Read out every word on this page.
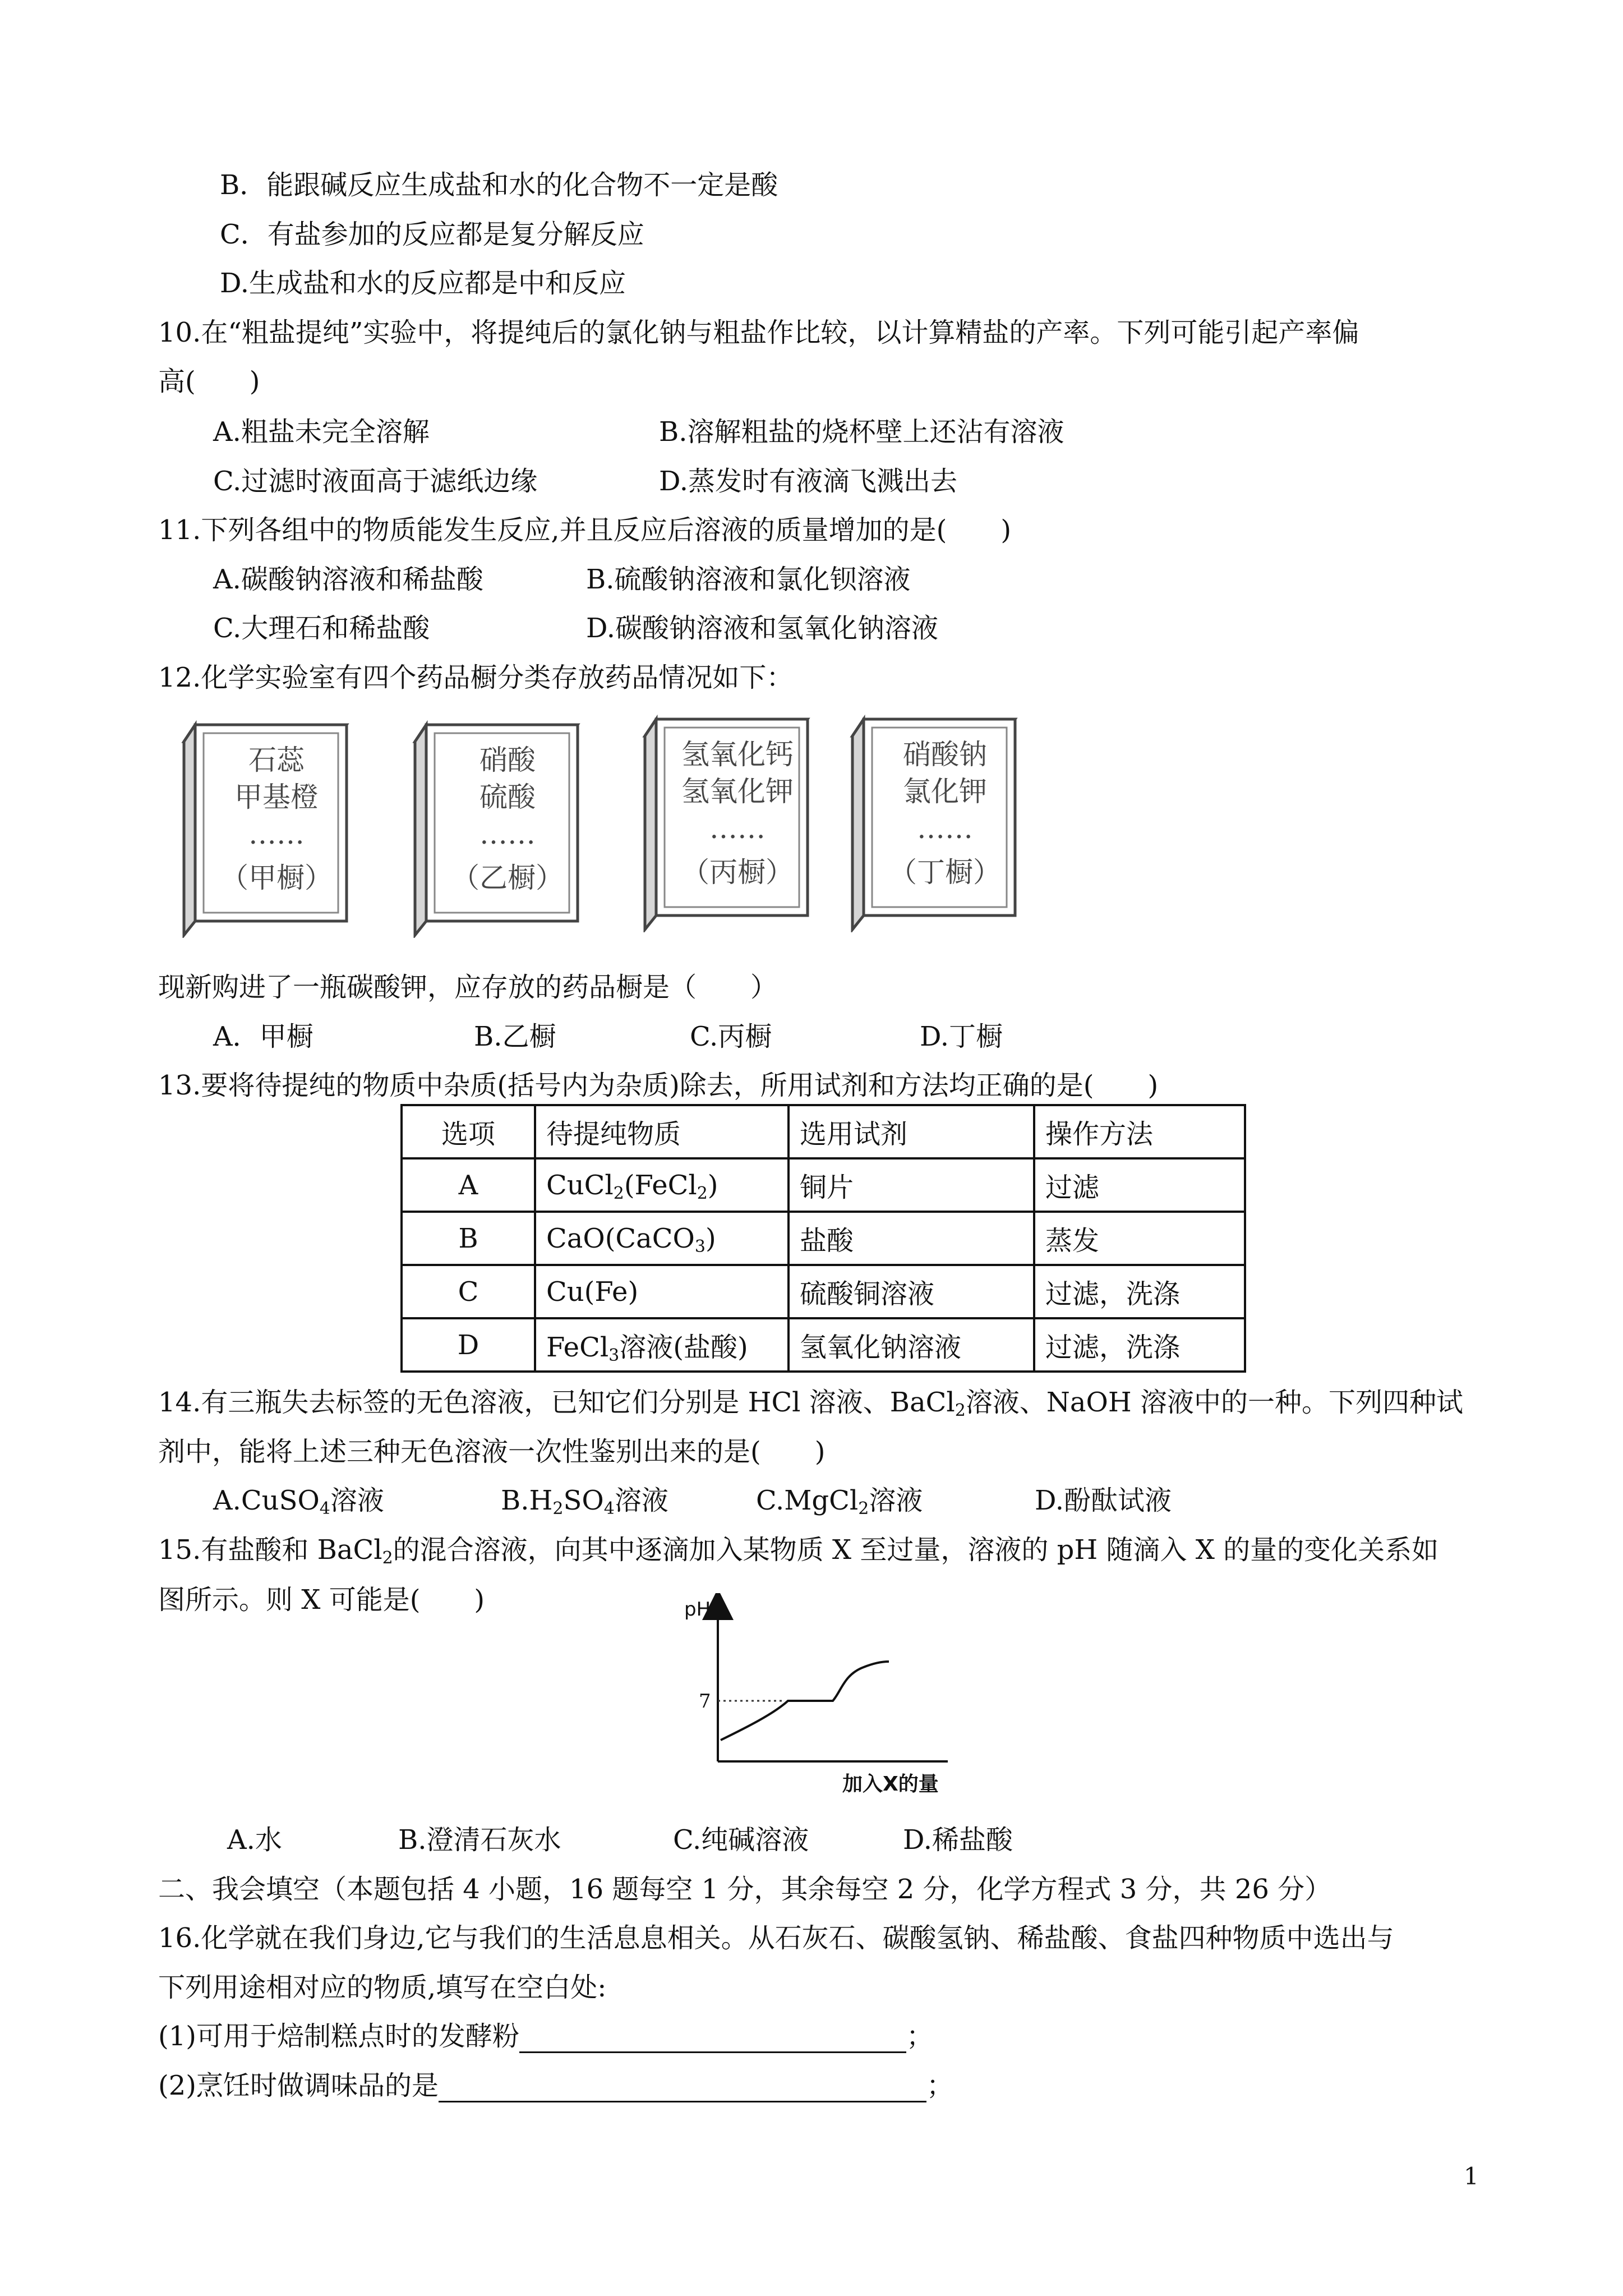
B．能跟碱反应生成盐和水的化合物不一定是酸
C．有盐参加的反应都是复分解反应
D.生成盐和水的反应都是中和反应
10.在“粗盐提纯”实验中，将提纯后的氯化钠与粗盐作比较，以计算精盐的产率。下列可能引起产率偏
高(　　)
A.粗盐未完全溶解	B.溶解粗盐的烧杯壁上还沾有溶液
C.过滤时液面高于滤纸边缘	D.蒸发时有液滴飞溅出去
11.下列各组中的物质能发生反应,并且反应后溶液的质量增加的是(　　)
A.碳酸钠溶液和稀盐酸	B.硫酸钠溶液和氯化钡溶液
C.大理石和稀盐酸	D.碳酸钠溶液和氢氧化钠溶液
12.化学实验室有四个药品橱分类存放药品情况如下：
石蕊
甲基橙
……
（甲橱）
硝酸
硫酸
……
（乙橱）
氢氧化钙
氢氧化钾
……
（丙橱）
硝酸钠
氯化钾
……
（丁橱）
现新购进了一瓶碳酸钾，应存放的药品橱是（　　）
A．甲橱	B.乙橱	C.丙橱	D.丁橱
13.要将待提纯的物质中杂质(括号内为杂质)除去，所用试剂和方法均正确的是(　　)
选项	待提纯物质	选用试剂	操作方法
A	CuCl$_2$(FeCl$_2$)	铜片	过滤
B	CaO(CaCO$_3$)	盐酸	蒸发
C	Cu(Fe)	硫酸铜溶液	过滤，洗涤
D	FeCl$_3$溶液(盐酸)	氢氧化钠溶液	过滤，洗涤
14.有三瓶失去标签的无色溶液，已知它们分别是 HCl 溶液、BaCl$_2$溶液、NaOH 溶液中的一种。下列四种试
剂中，能将上述三种无色溶液一次性鉴别出来的是(　　)
A.CuSO$_4$溶液	$B.H_2SO_4$溶液	C.MgCl$_2$溶液	D.酚酞试液
15.有盐酸和 BaCl$_2$的混合溶液，向其中逐滴加入某物质 X 至过量，溶液的 pH 随滴入 X 的量的变化关系如
图所示。则 X 可能是(　　)	pH
7
加入X的量
A.水	B.澄清石灰水	C.纯碱溶液	D.稀盐酸
二、我会填空（本题包括 4 小题，16 题每空 1 分，其余每空 2 分，化学方程式 3 分，共 26 分）
16.化学就在我们身边,它与我们的生活息息相关。从石灰石、碳酸氢钠、稀盐酸、食盐四种物质中选出与
下列用途相对应的物质,填写在空白处:
(1)可用于焙制糕点时的发酵粉	；
(2)烹饪时做调味品的是	；
1
